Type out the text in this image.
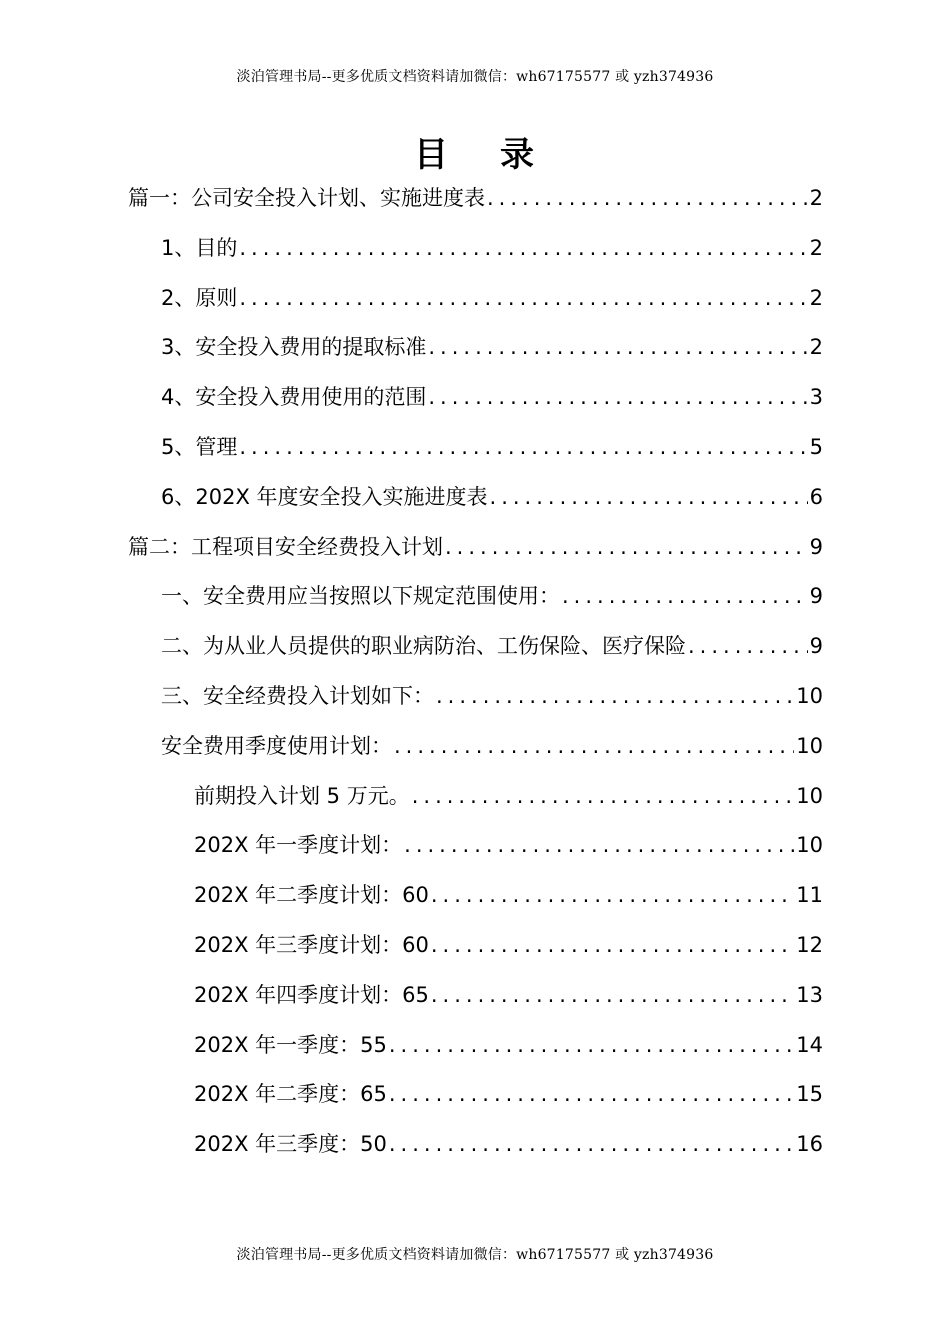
淡泊管理书局--更多优质文档资料请加微信：wh67175577 或 yzh374936
目 录
篇一：公司安全投入计划、实施进度表 .....	2
1、目的 .....	2
2、原则 .....	2
3、安全投入费用的提取标准 .....	2
4、安全投入费用使用的范围 .....	3
5、管理 .....	5
6、202X 年度安全投入实施进度表 .....	6
篇二：工程项目安全经费投入计划 .....	9
一、安全费用应当按照以下规定范围使用： .....	9
二、为从业人员提供的职业病防治、工伤保险、医疗保险 .....	9
三、安全经费投入计划如下： .....	10
安全费用季度使用计划： .....	10
前期投入计划 5 万元。 .....	10
202X 年一季度计划： .....	10
202X 年二季度计划：60 .....	11
202X 年三季度计划：60 .....	12
202X 年四季度计划：65 .....	13
202X 年一季度：55 .....	14
202X 年二季度：65 .....	15
202X 年三季度：50 .....	16
淡泊管理书局--更多优质文档资料请加微信：wh67175577 或 yzh374936
